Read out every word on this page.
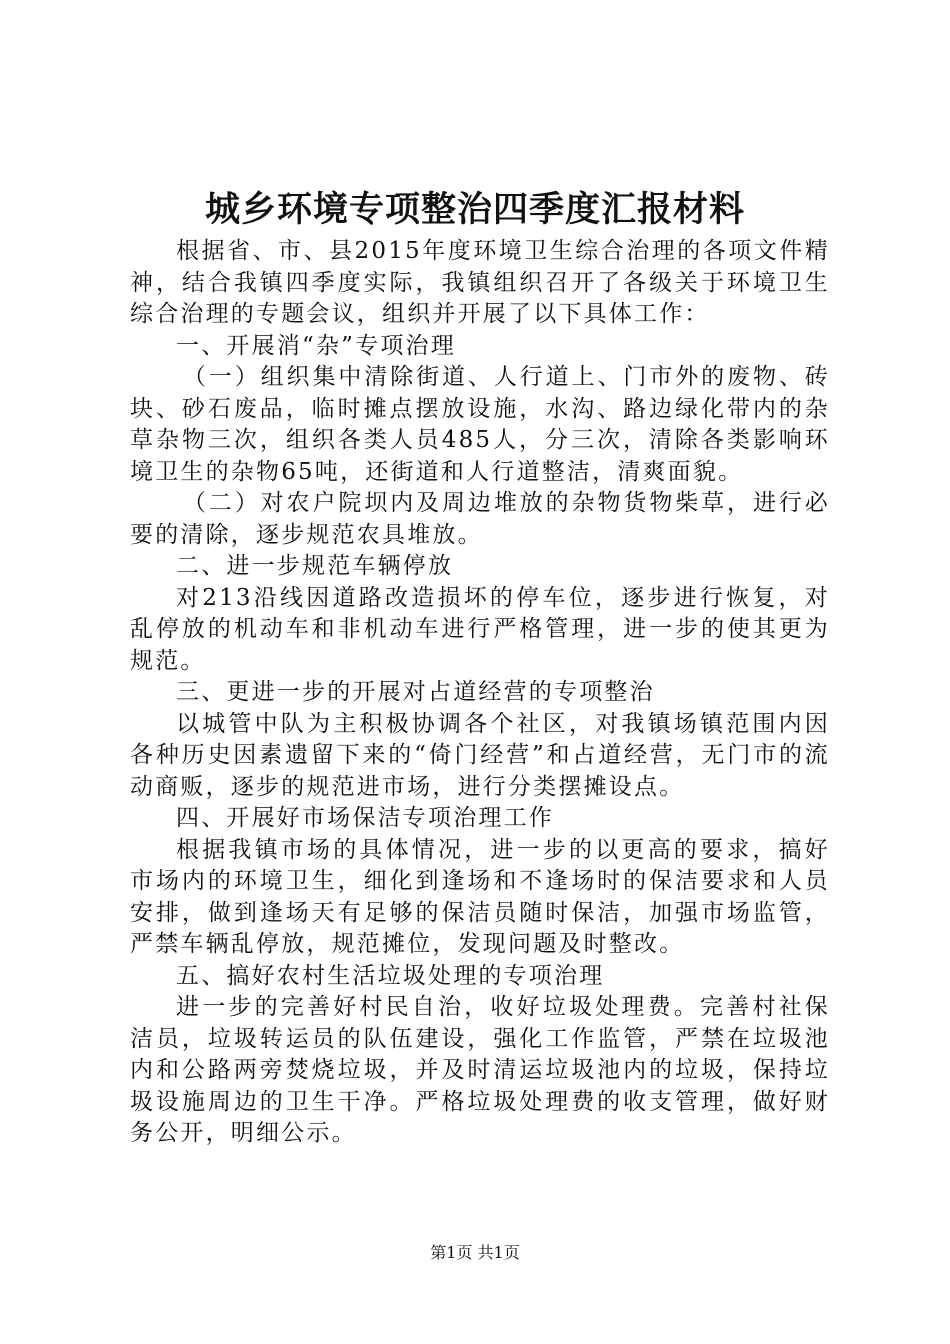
城乡环境专项整治四季度汇报材料

根据省、市、县2015年度环境卫生综合治理的各项文件精神，结合我镇四季度实际，我镇组织召开了各级关于环境卫生综合治理的专题会议，组织并开展了以下具体工作：

一、开展消“杂”专项治理

（一）组织集中清除街道、人行道上、门市外的废物、砖块、砂石废品，临时摊点摆放设施，水沟、路边绿化带内的杂草杂物三次，组织各类人员485人，分三次，清除各类影响环境卫生的杂物65吨，还街道和人行道整洁，清爽面貌。

（二）对农户院坝内及周边堆放的杂物货物柴草，进行必要的清除，逐步规范农具堆放。

二、进一步规范车辆停放

对213沿线因道路改造损坏的停车位，逐步进行恢复，对乱停放的机动车和非机动车进行严格管理，进一步的使其更为规范。

三、更进一步的开展对占道经营的专项整治

以城管中队为主积极协调各个社区，对我镇场镇范围内因各种历史因素遗留下来的“倚门经营”和占道经营，无门市的流动商贩，逐步的规范进市场，进行分类摆摊设点。

四、开展好市场保洁专项治理工作

根据我镇市场的具体情况，进一步的以更高的要求，搞好市场内的环境卫生，细化到逢场和不逢场时的保洁要求和人员安排，做到逢场天有足够的保洁员随时保洁，加强市场监管，严禁车辆乱停放，规范摊位，发现问题及时整改。

五、搞好农村生活垃圾处理的专项治理

进一步的完善好村民自治，收好垃圾处理费。完善村社保洁员，垃圾转运员的队伍建设，强化工作监管，严禁在垃圾池内和公路两旁焚烧垃圾，并及时清运垃圾池内的垃圾，保持垃圾设施周边的卫生干净。严格垃圾处理费的收支管理，做好财务公开，明细公示。

第1页 共1页
